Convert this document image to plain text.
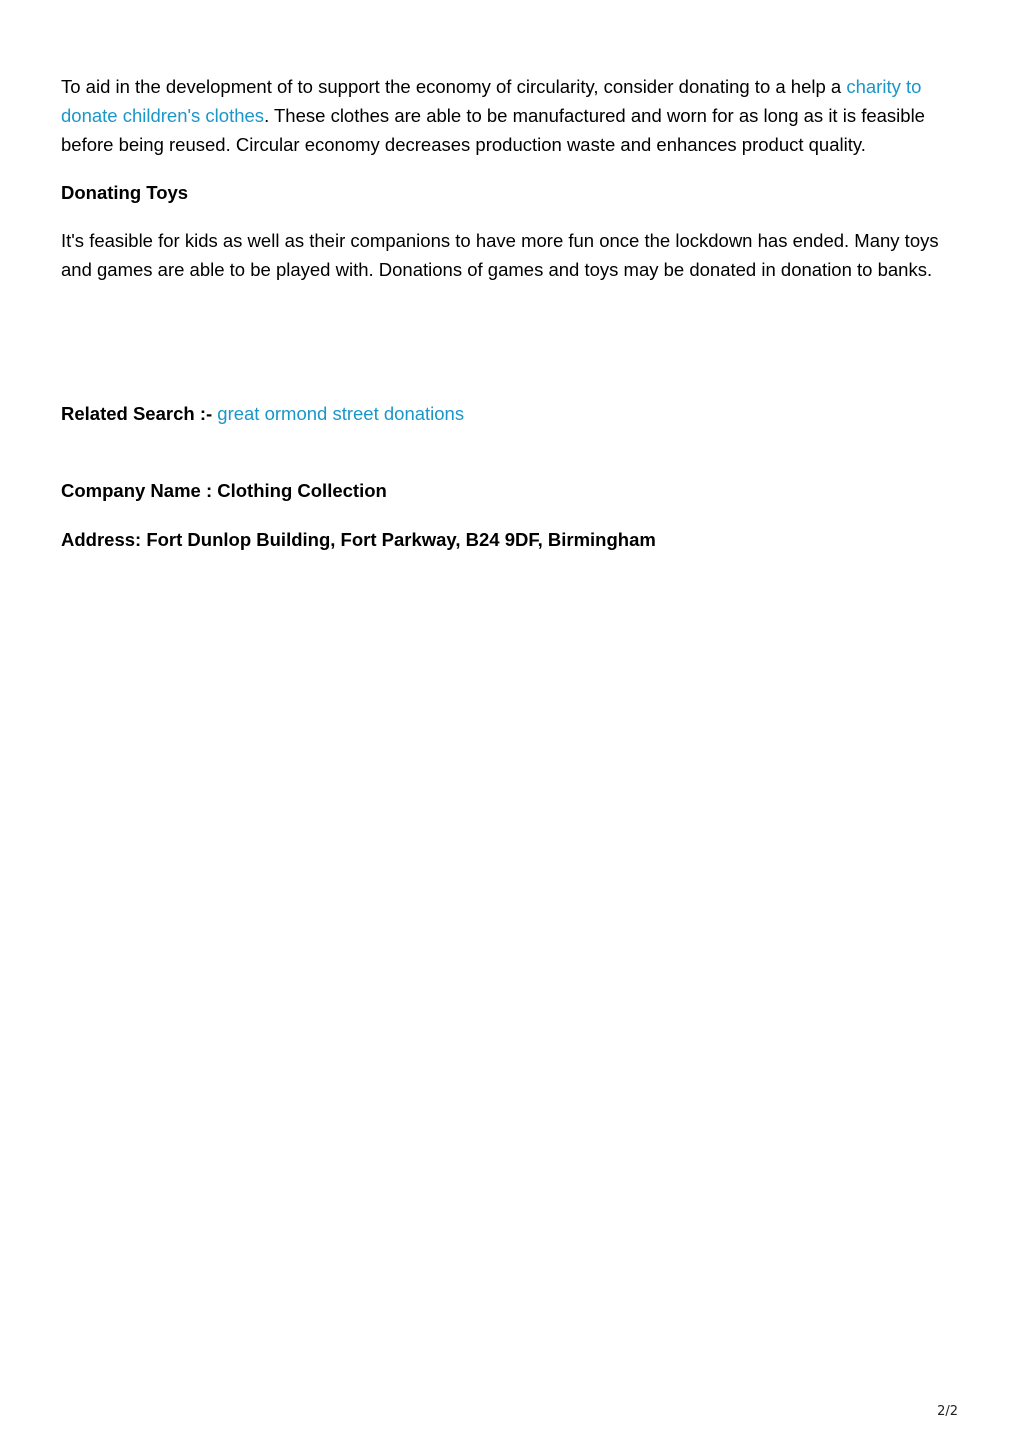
To aid in the development of to support the economy of circularity, consider donating to a help a charity to donate children's clothes. These clothes are able to be manufactured and worn for as long as it is feasible before being reused. Circular economy decreases production waste and enhances product quality.

Donating Toys

It's feasible for kids as well as their companions to have more fun once the lockdown has ended. Many toys and games are able to be played with. Donations of games and toys may be donated in donation to banks.

Related Search :- great ormond street donations

Company Name : Clothing Collection

Address: Fort Dunlop Building, Fort Parkway, B24 9DF, Birmingham

2/2
